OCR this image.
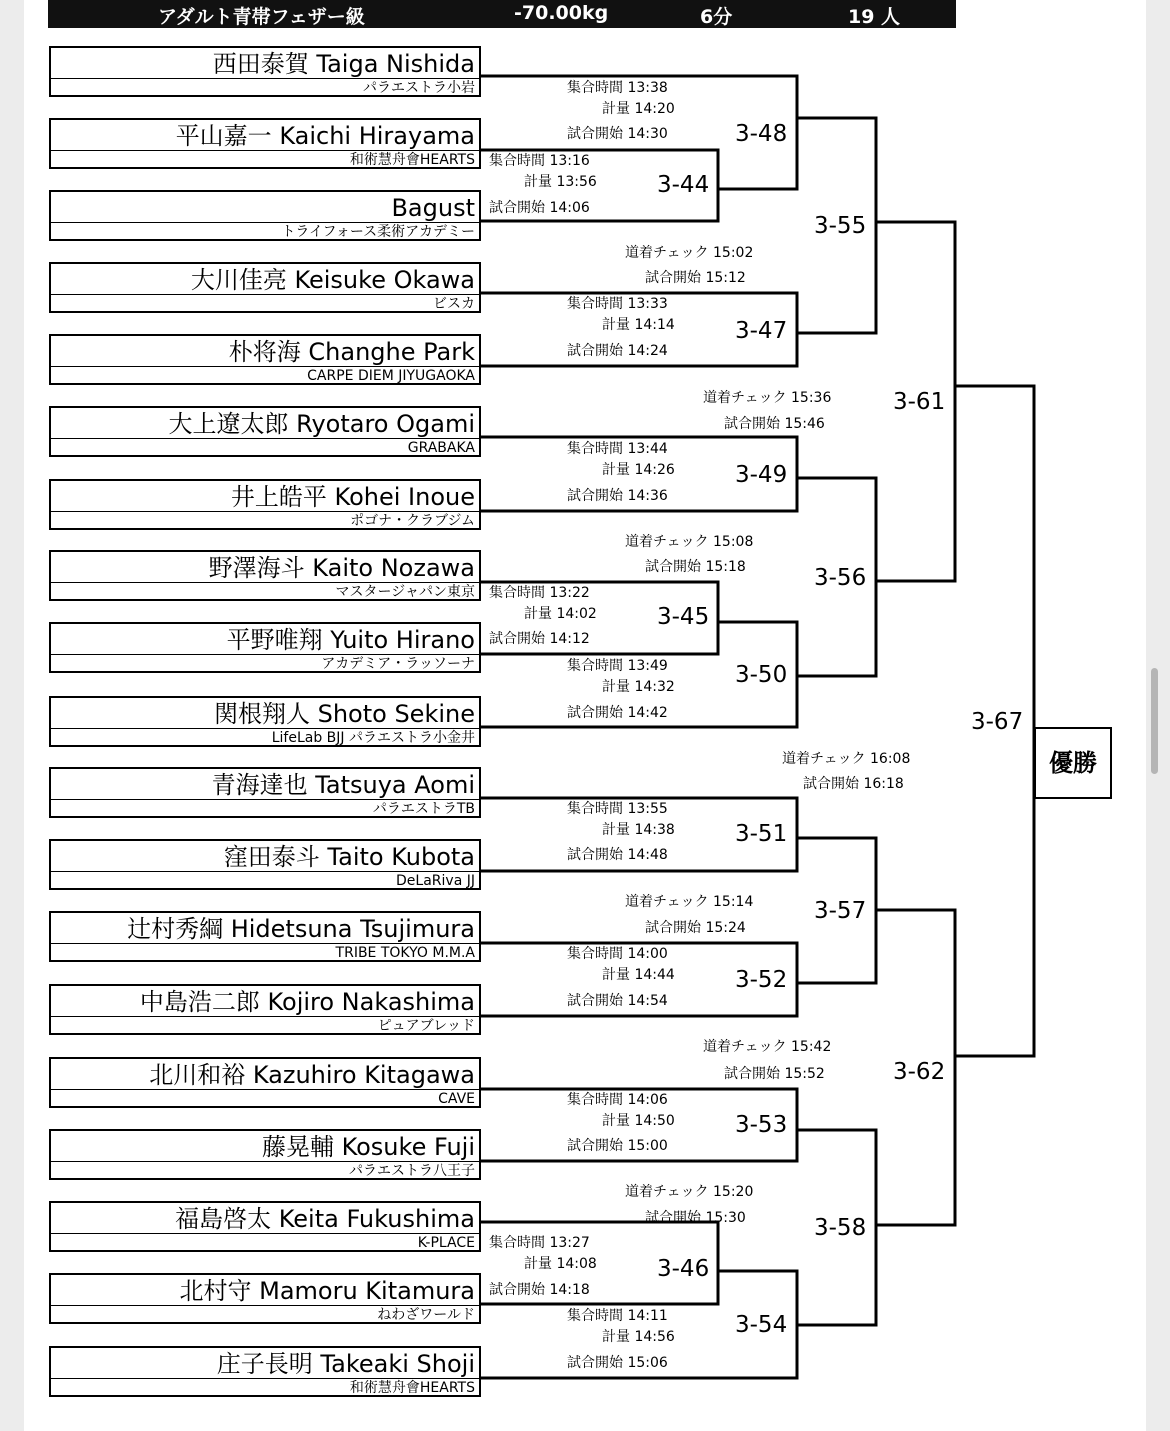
アダルト青帯フェザー級	-70.00kg	6分	19 人
西田泰賀 Taiga Nishida
パラエストラ小岩
平山嘉一 Kaichi Hirayama
和術慧舟會HEARTS
Bagust
トライフォース柔術アカデミー
大川佳亮 Keisuke Okawa
ビスカ
朴将海 Changhe Park
CARPE DIEM JIYUGAOKA
大上遼太郎 Ryotaro Ogami
GRABAKA
井上皓平 Kohei Inoue
ポゴナ・クラブジム
野澤海斗 Kaito Nozawa
マスタージャパン東京
平野唯翔 Yuito Hirano
アカデミア・ラッソーナ
関根翔人 Shoto Sekine
LifeLab BJJ パラエストラ小金井
青海達也 Tatsuya Aomi
パラエストラTB
窪田泰斗 Taito Kubota
DeLaRiva JJ
辻村秀綱 Hidetsuna Tsujimura
TRIBE TOKYO M.M.A
中島浩二郎 Kojiro Nakashima
ピュアブレッド
北川和裕 Kazuhiro Kitagawa
CAVE
藤晃輔 Kosuke Fuji
パラエストラ八王子
福島啓太 Keita Fukushima
K-PLACE
北村守 Mamoru Kitamura
ねわざワールド
庄子長明 Takeaki Shoji
和術慧舟會HEARTS
3-44
集合時間 13:16
計量 13:56
試合開始 14:06
3-45
集合時間 13:22
計量 14:02
試合開始 14:12
3-46
集合時間 13:27
計量 14:08
試合開始 14:18
3-47
集合時間 13:33
計量 14:14
試合開始 14:24
3-48
集合時間 13:38
計量 14:20
試合開始 14:30
3-49
集合時間 13:44
計量 14:26
試合開始 14:36
3-50
集合時間 13:49
計量 14:32
試合開始 14:42
3-51
集合時間 13:55
計量 14:38
試合開始 14:48
3-52
集合時間 14:00
計量 14:44
試合開始 14:54
3-53
集合時間 14:06
計量 14:50
試合開始 15:00
3-54
集合時間 14:11
計量 14:56
試合開始 15:06
3-55
道着チェック 15:02
試合開始 15:12
3-56
道着チェック 15:08
試合開始 15:18
3-57
道着チェック 15:14
試合開始 15:24
3-58
道着チェック 15:20
試合開始 15:30
3-61
道着チェック 15:36
試合開始 15:46
3-62
道着チェック 15:42
試合開始 15:52
3-67
道着チェック 16:08
試合開始 16:18
優勝
